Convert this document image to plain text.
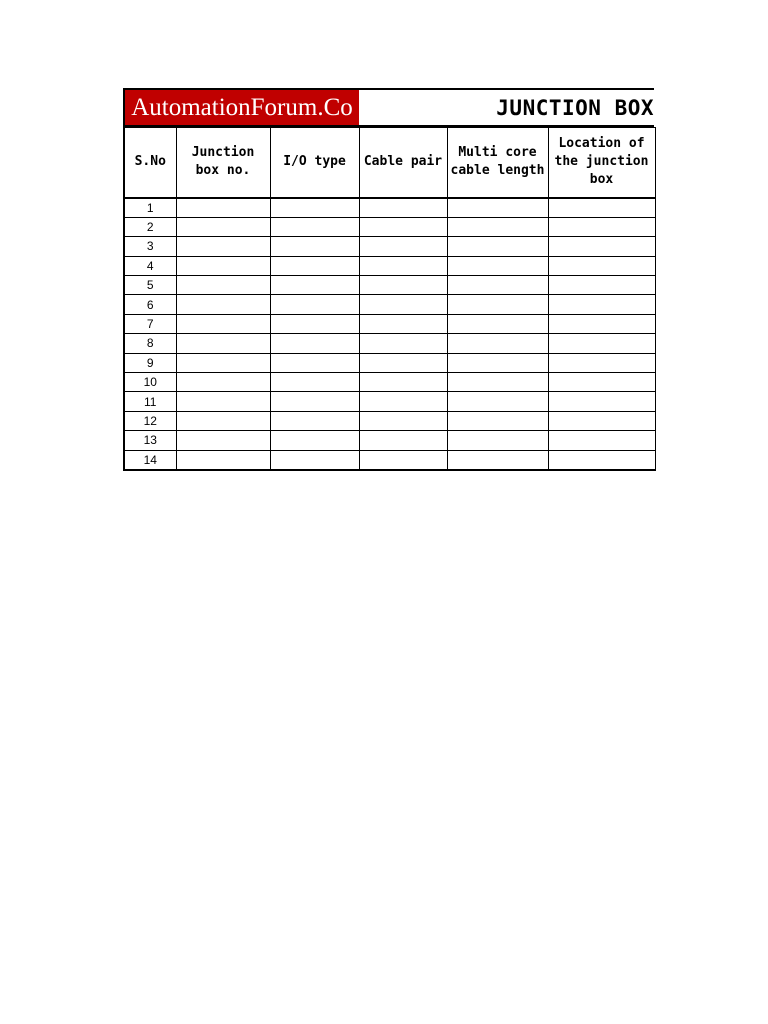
AutomationForum.Co	JUNCTION BOX
S.No	Junction box no.	I/O type	Cable pair	Multi core cable length	Location of the junction box
1					
2					
3					
4					
5					
6					
7					
8					
9					
10					
11					
12					
13					
14					
